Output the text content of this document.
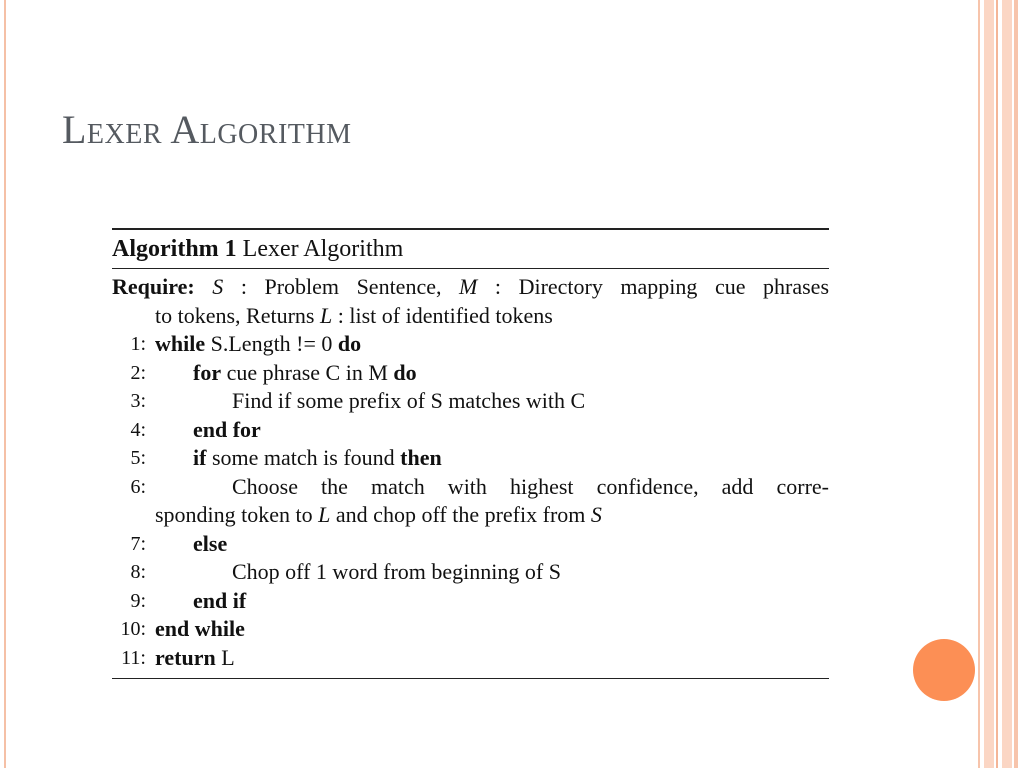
Lexer Algorithm
Algorithm 1 Lexer Algorithm
Require: S : Problem Sentence, M : Directory mapping cue phrases
to tokens, Returns L : list of identified tokens
1: while S.Length != 0 do
2: for cue phrase C in M do
3:	Find if some prefix of S matches with C
4: end for
5: if some match is found then
6:	Choose the match with highest confidence, add corre-
sponding token to L and chop off the prefix from S
7: else
8:	Chop off 1 word from beginning of S
9: end if
10: end while
11: return L
